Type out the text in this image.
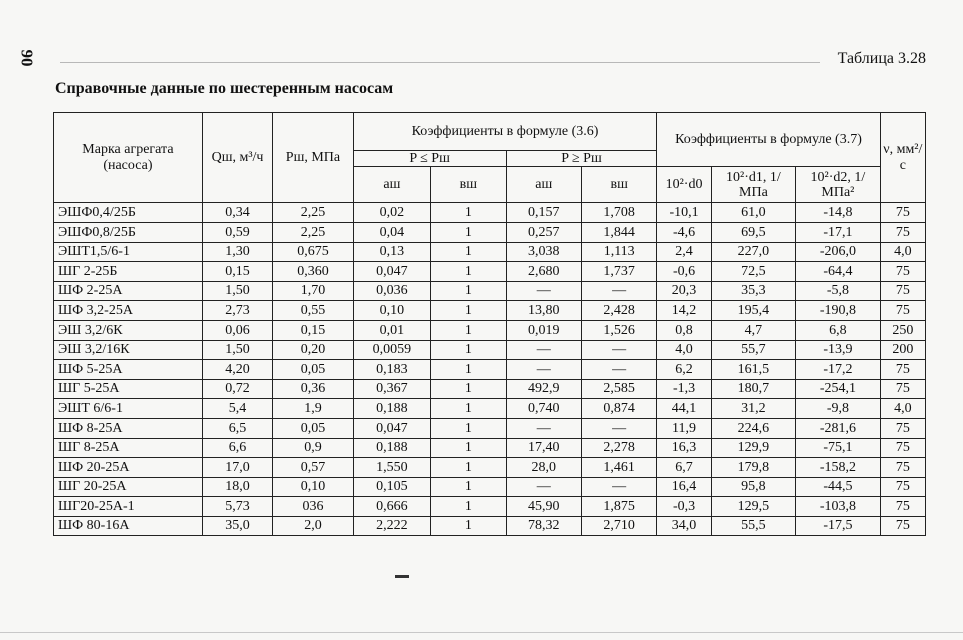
90	Таблица 3.28
Справочные данные по шестеренным насосам
Марка агрегата (насоса)	Qш, м³/ч	Pш, МПа	Коэффициенты в формуле (3.6)				Коэффициенты в формуле (3.7)			ν, мм²/с
			P ≤ Pш		P ≥ Pш					
			aш	вш	aш	вш	10²·d0	10²·d1, 1/МПа	10²·d2, 1/МПа²	
ЭШФ0,4/25Б	0,34	2,25	0,02	1	0,157	1,708	-10,1	61,0	-14,8	75
ЭШФ0,8/25Б	0,59	2,25	0,04	1	0,257	1,844	-4,6	69,5	-17,1	75
ЭШТ1,5/6-1	1,30	0,675	0,13	1	3,038	1,113	2,4	227,0	-206,0	4,0
ШГ 2-25Б	0,15	0,360	0,047	1	2,680	1,737	-0,6	72,5	-64,4	75
ШФ 2-25А	1,50	1,70	0,036	1	—	—	20,3	35,3	-5,8	75
ШФ 3,2-25А	2,73	0,55	0,10	1	13,80	2,428	14,2	195,4	-190,8	75
ЭШ 3,2/6К	0,06	0,15	0,01	1	0,019	1,526	0,8	4,7	6,8	250
ЭШ 3,2/16К	1,50	0,20	0,0059	1	—	—	4,0	55,7	-13,9	200
ШФ 5-25А	4,20	0,05	0,183	1	—	—	6,2	161,5	-17,2	75
ШГ 5-25А	0,72	0,36	0,367	1	492,9	2,585	-1,3	180,7	-254,1	75
ЭШТ 6/6-1	5,4	1,9	0,188	1	0,740	0,874	44,1	31,2	-9,8	4,0
ШФ 8-25А	6,5	0,05	0,047	1	—	—	11,9	224,6	-281,6	75
ШГ 8-25А	6,6	0,9	0,188	1	17,40	2,278	16,3	129,9	-75,1	75
ШФ 20-25А	17,0	0,57	1,550	1	28,0	1,461	6,7	179,8	-158,2	75
ШГ 20-25А	18,0	0,10	0,105	1	—	—	16,4	95,8	-44,5	75
ШГ20-25А-1	5,73	036	0,666	1	45,90	1,875	-0,3	129,5	-103,8	75
ШФ 80-16А	35,0	2,0	2,222	1	78,32	2,710	34,0	55,5	-17,5	75
